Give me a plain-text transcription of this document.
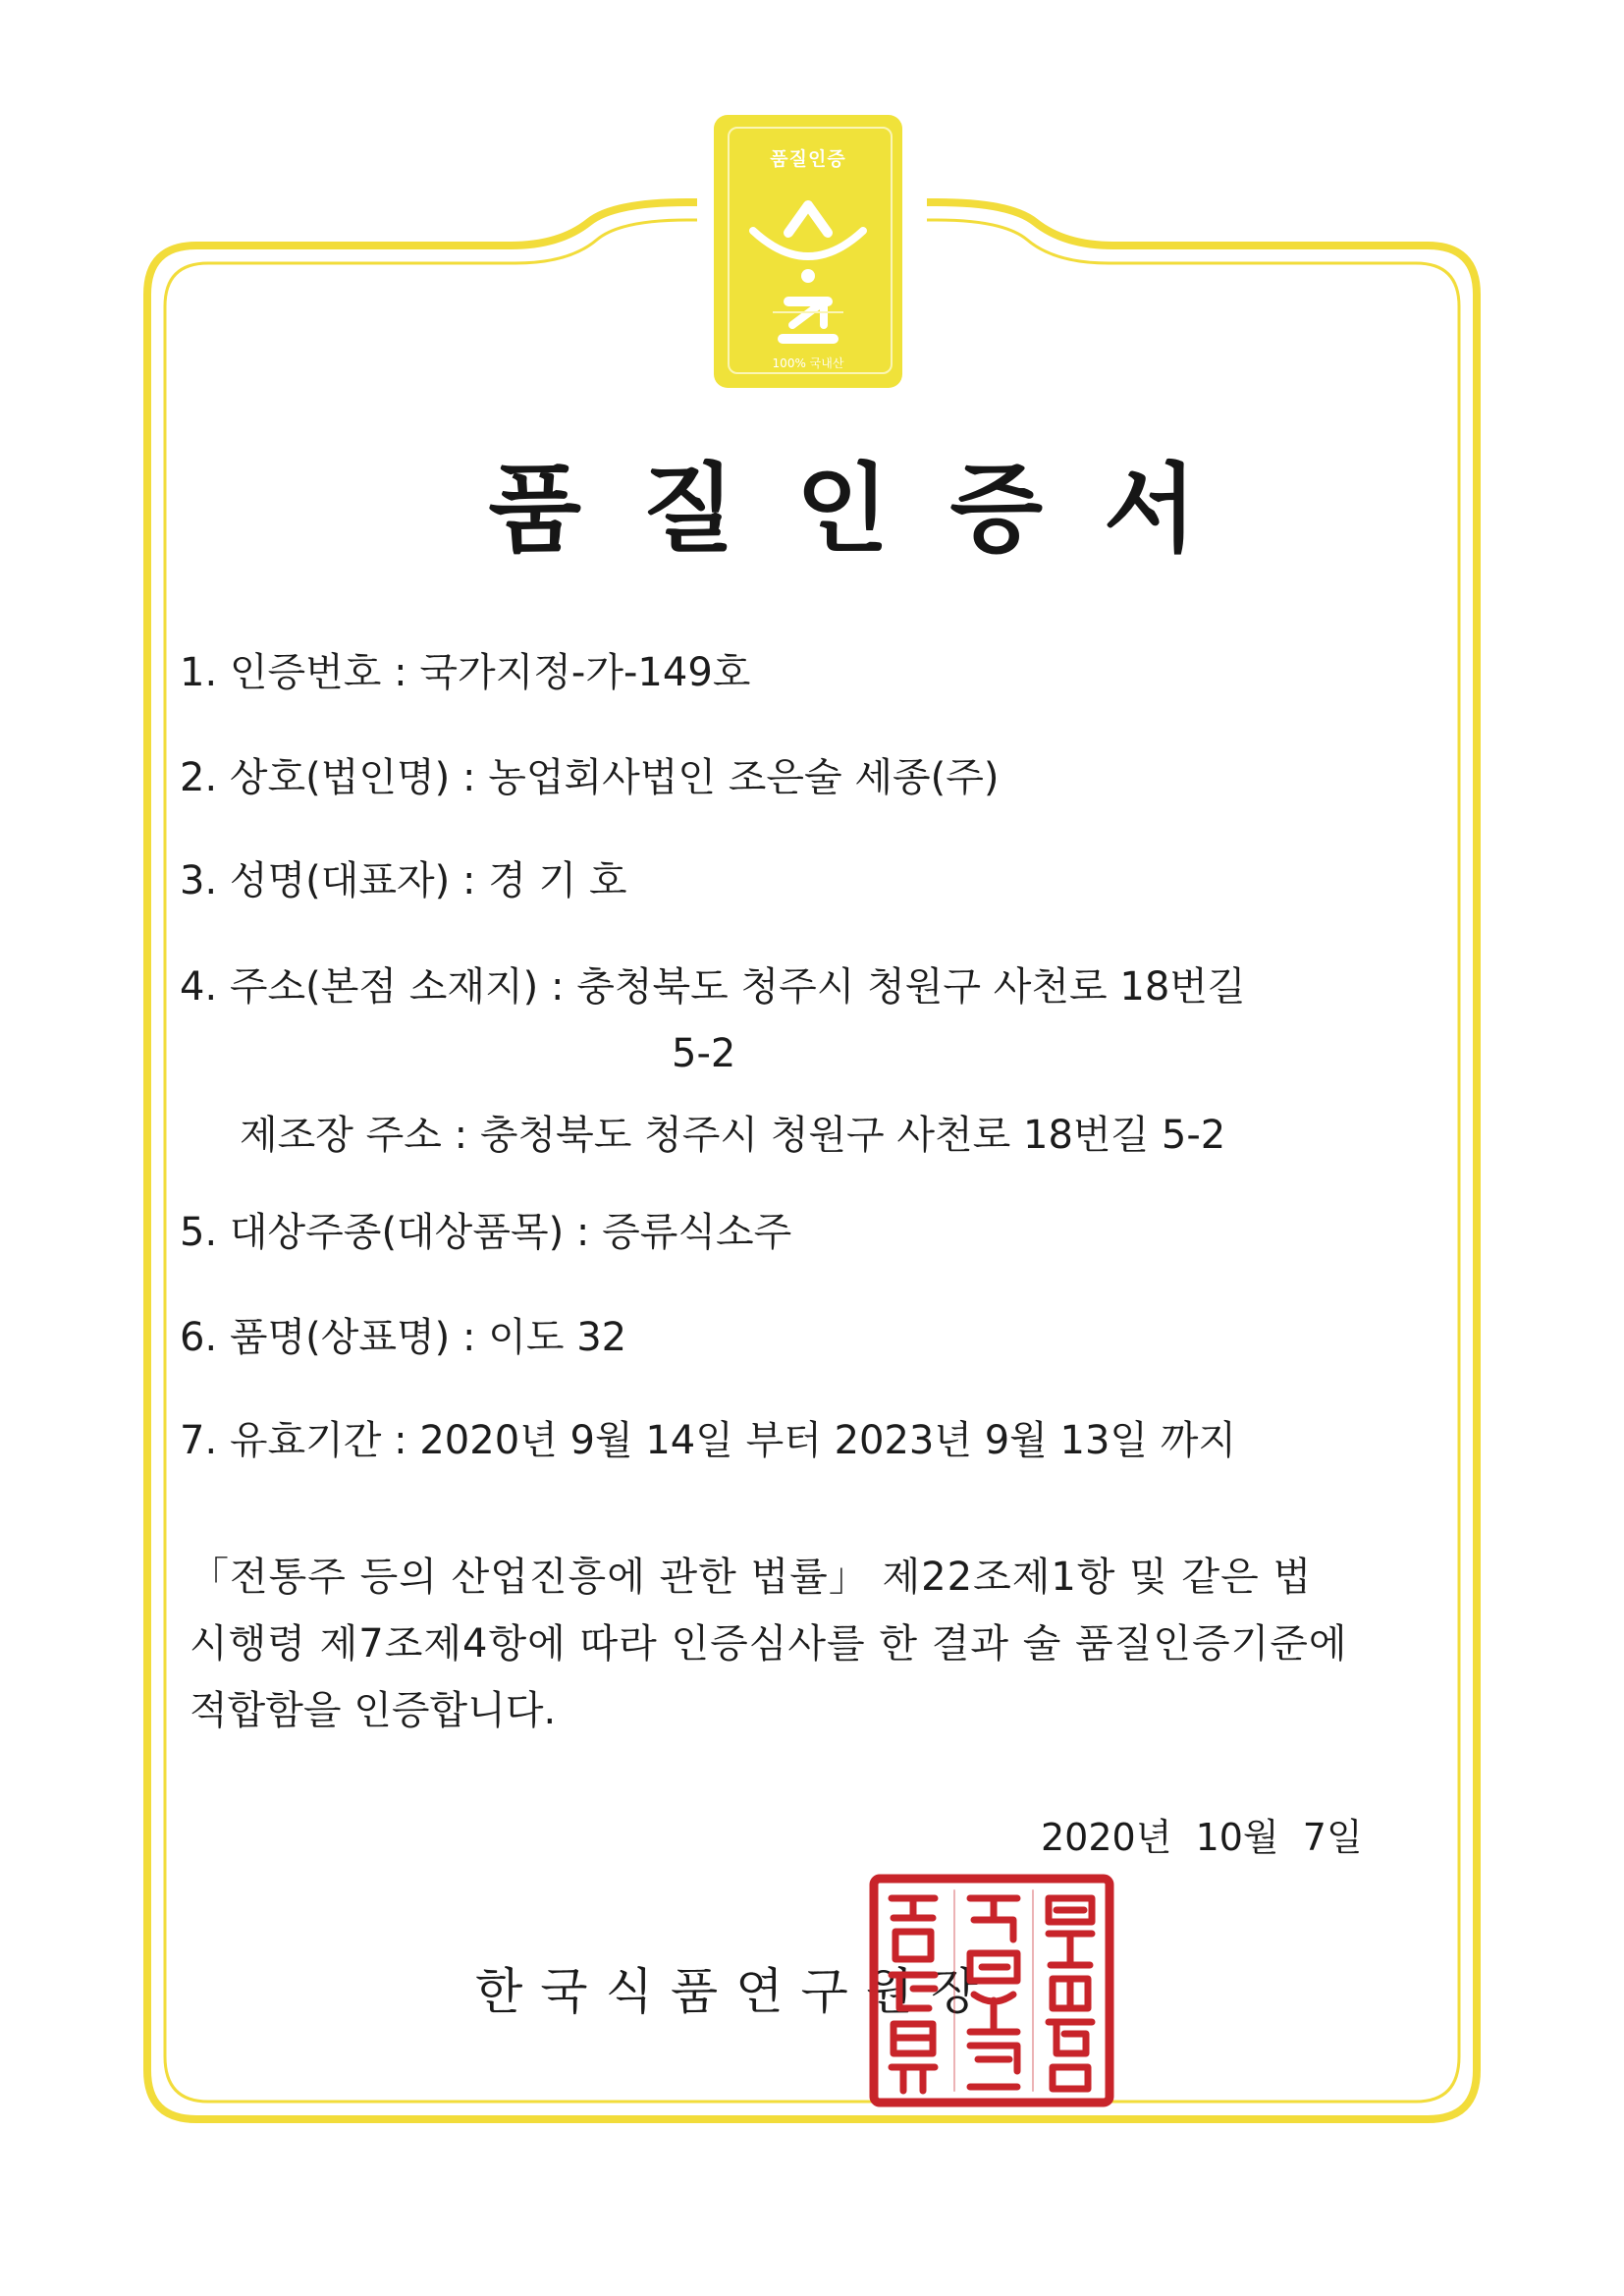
품질인증
100% 국내산
품질인증서
1. 인증번호 : 국가지정-가-149호
2. 상호(법인명) : 농업회사법인 조은술 세종(주)
3. 성명(대표자) : 경 기 호
4. 주소(본점 소재지) : 충청북도 청주시 청원구 사천로 18번길
5-2
제조장 주소 : 충청북도 청주시 청원구 사천로 18번길 5-2
5. 대상주종(대상품목) : 증류식소주
6. 품명(상표명) : 이도 32
7. 유효기간 : 2020년 9월 14일 부터 2023년 9월 13일 까지
「전통주 등의 산업진흥에 관한 법률」 제22조제1항 및 같은 법
시행령 제7조제4항에 따라 인증심사를 한 결과 술 품질인증기준에
적합함을 인증합니다.
2020년  10월  7일
한국식품연구원장
